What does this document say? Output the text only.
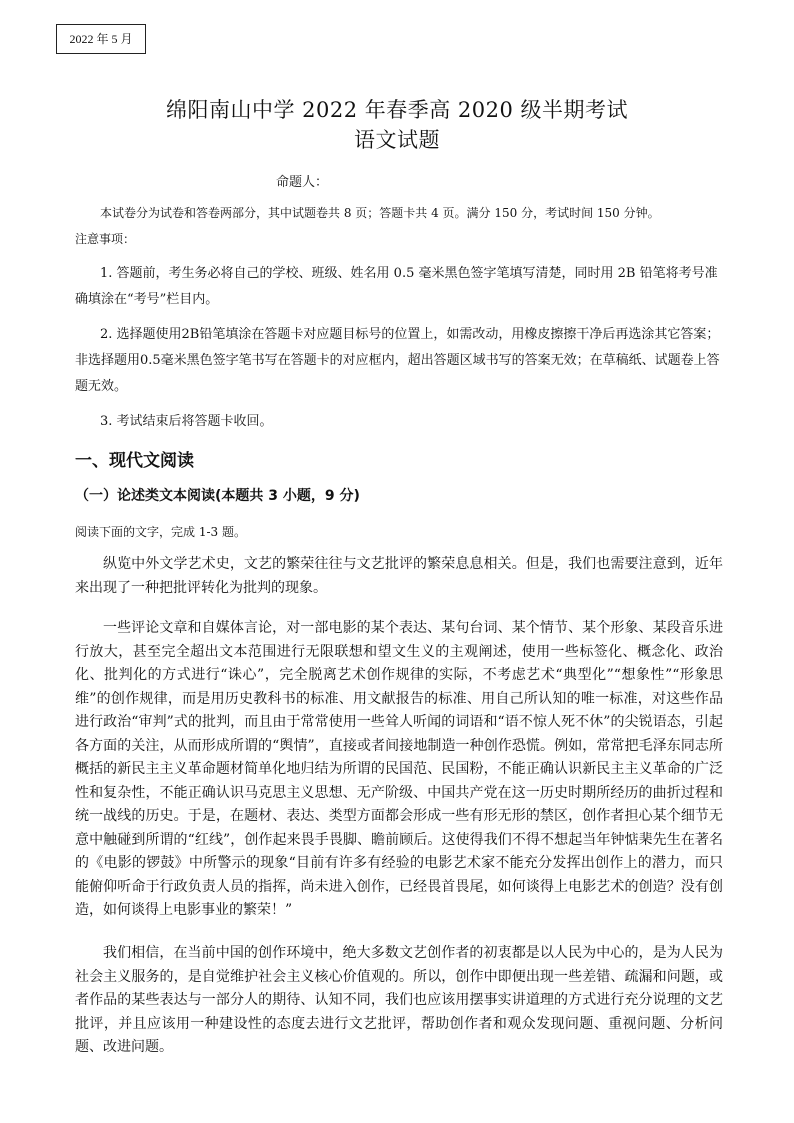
2022 年 5 月
绵阳南山中学 2022 年春季高 2020 级半期考试
语文试题
命题人：
本试卷分为试卷和答卷两部分，其中试题卷共 8 页；答题卡共 4 页。满分 150 分，考试时间 150 分钟。
注意事项：
1. 答题前，考生务必将自己的学校、班级、姓名用 0.5 毫米黑色签字笔填写清楚，同时用 2B 铅笔将考号准确填涂在“考号”栏目内。
2. 选择题使用2B铅笔填涂在答题卡对应题目标号的位置上，如需改动，用橡皮擦擦干净后再选涂其它答案；非选择题用0.5毫米黑色签字笔书写在答题卡的对应框内，超出答题区域书写的答案无效；在草稿纸、试题卷上答题无效。
3. 考试结束后将答题卡收回。
一、现代文阅读
（一）论述类文本阅读(本题共 3 小题，9 分)
阅读下面的文字，完成 1-3 题。
纵览中外文学艺术史，文艺的繁荣往往与文艺批评的繁荣息息相关。但是，我们也需要注意到，近年来出现了一种把批评转化为批判的现象。
一些评论文章和自媒体言论，对一部电影的某个表达、某句台词、某个情节、某个形象、某段音乐进行放大，甚至完全超出文本范围进行无限联想和望文生义的主观阐述，使用一些标签化、概念化、政治化、批判化的方式进行“诛心”，完全脱离艺术创作规律的实际，不考虑艺术“典型化”“想象性”“形象思维”的创作规律，而是用历史教科书的标准、用文献报告的标准、用自己所认知的唯一标准，对这些作品进行政治“审判”式的批判，而且由于常常使用一些耸人听闻的词语和“语不惊人死不休”的尖锐语态，引起各方面的关注，从而形成所谓的“舆情”，直接或者间接地制造一种创作恐慌。例如，常常把毛泽东同志所概括的新民主主义革命题材简单化地归结为所谓的民国范、民国粉，不能正确认识新民主主义革命的广泛性和复杂性，不能正确认识马克思主义思想、无产阶级、中国共产党在这一历史时期所经历的曲折过程和统一战线的历史。于是，在题材、表达、类型方面都会形成一些有形无形的禁区，创作者担心某个细节无意中触碰到所谓的“红线”，创作起来畏手畏脚、瞻前顾后。这使得我们不得不想起当年钟惦棐先生在著名的《电影的锣鼓》中所警示的现象“目前有许多有经验的电影艺术家不能充分发挥出创作上的潜力，而只能俯仰听命于行政负责人员的指挥，尚未进入创作，已经畏首畏尾，如何谈得上电影艺术的创造？没有创造，如何谈得上电影事业的繁荣！”
我们相信，在当前中国的创作环境中，绝大多数文艺创作者的初衷都是以人民为中心的，是为人民为社会主义服务的，是自觉维护社会主义核心价值观的。所以，创作中即便出现一些差错、疏漏和问题，或者作品的某些表达与一部分人的期待、认知不同，我们也应该用摆事实讲道理的方式进行充分说理的文艺批评，并且应该用一种建设性的态度去进行文艺批评，帮助创作者和观众发现问题、重视问题、分析问题、改进问题。
